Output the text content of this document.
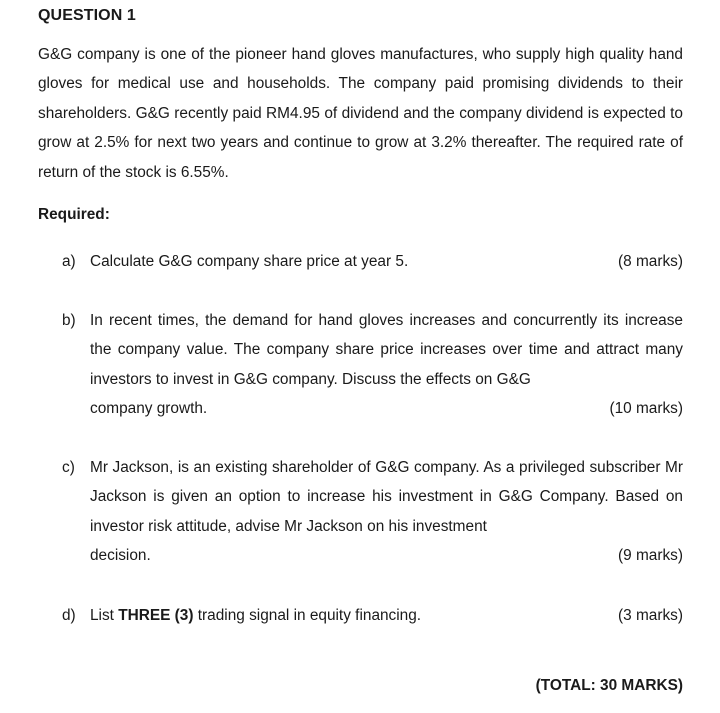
QUESTION 1

G&G company is one of the pioneer hand gloves manufactures, who supply high quality hand gloves for medical use and households. The company paid promising dividends to their shareholders. G&G recently paid RM4.95 of dividend and the company dividend is expected to grow at 2.5% for next two years and continue to grow at 3.2% thereafter. The required rate of return of the stock is 6.55%.

Required:
a) Calculate G&G company share price at year 5.	(8 marks)
b) In recent times, the demand for hand gloves increases and concurrently its increase the company value. The company share price increases over time and attract many investors to invest in G&G company. Discuss the effects on G&G
company growth.	(10 marks)
c) Mr Jackson, is an existing shareholder of G&G company. As a privileged subscriber Mr Jackson is given an option to increase his investment in G&G Company. Based on investor risk attitude, advise Mr Jackson on his investment
decision.	(9 marks)
d) List THREE (3) trading signal in equity financing.	(3 marks)
(TOTAL: 30 MARKS)
